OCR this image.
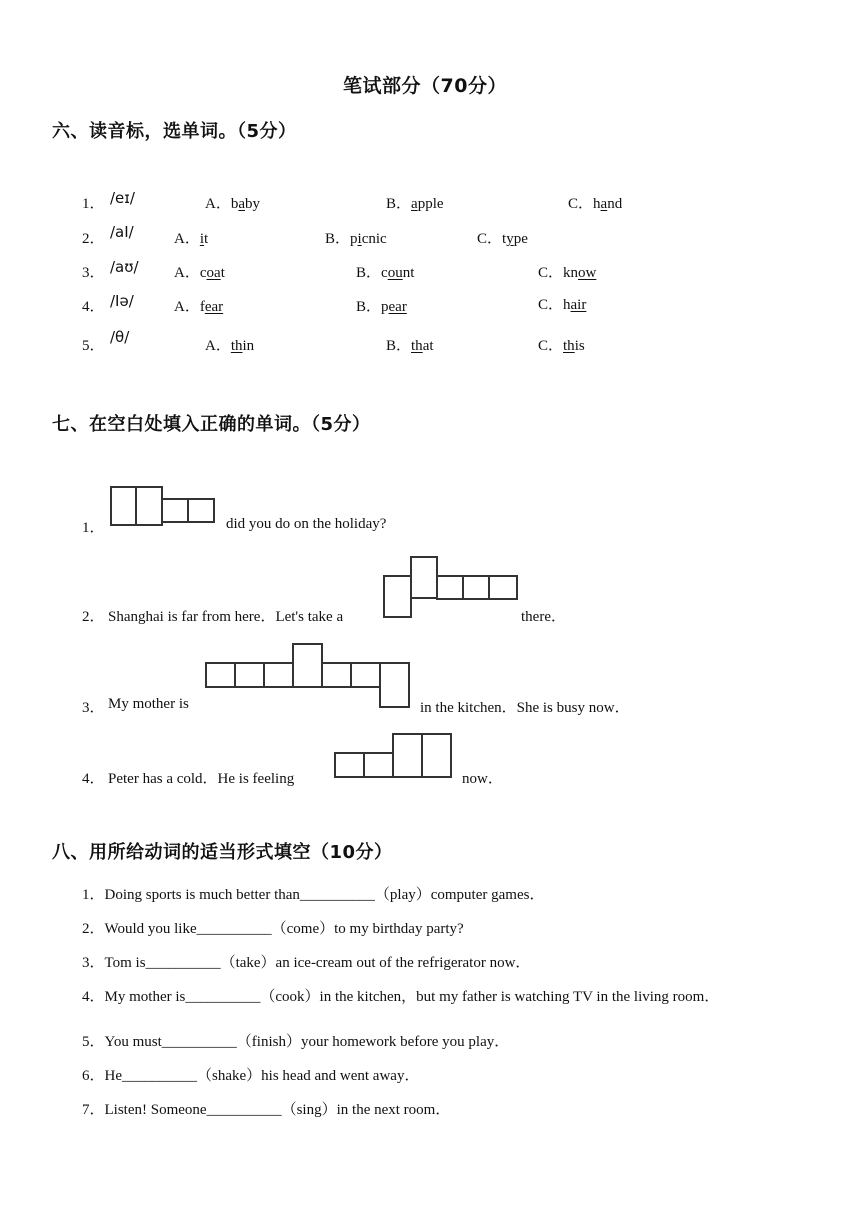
笔试部分（70分）
六、读音标，选单词。（5分）
1． /eɪ/	A．baby	B．apple	C．hand
2． /aI/	A．it	B．picnic	C．type
3． /aʊ/ A．coat	B．count	C．know
4． /Iə/	A．fear	B．pear	C．hair
5． /θ/	A．thin	B．that	C．this
七、在空白处填入正确的单词。（5分）
1．	did you do on the holiday?
2． Shanghai is far from here．Let's take a	there．
3． My mother is	in the kitchen．She is busy now．
4． Peter has a cold．He is feeling	now．
八、用所给动词的适当形式填空（10分）
1．Doing sports is much better than__________（play）computer games．
2．Would you like__________（come）to my birthday party?
3．Tom is__________（take）an ice-cream out of the refrigerator now．
4．My mother is__________（cook）in the kitchen，but my father is watching TV in the living room．
5．You must__________（finish）your homework before you play．
6．He__________（shake）his head and went away．
7．Listen! Someone__________（sing）in the next room．
